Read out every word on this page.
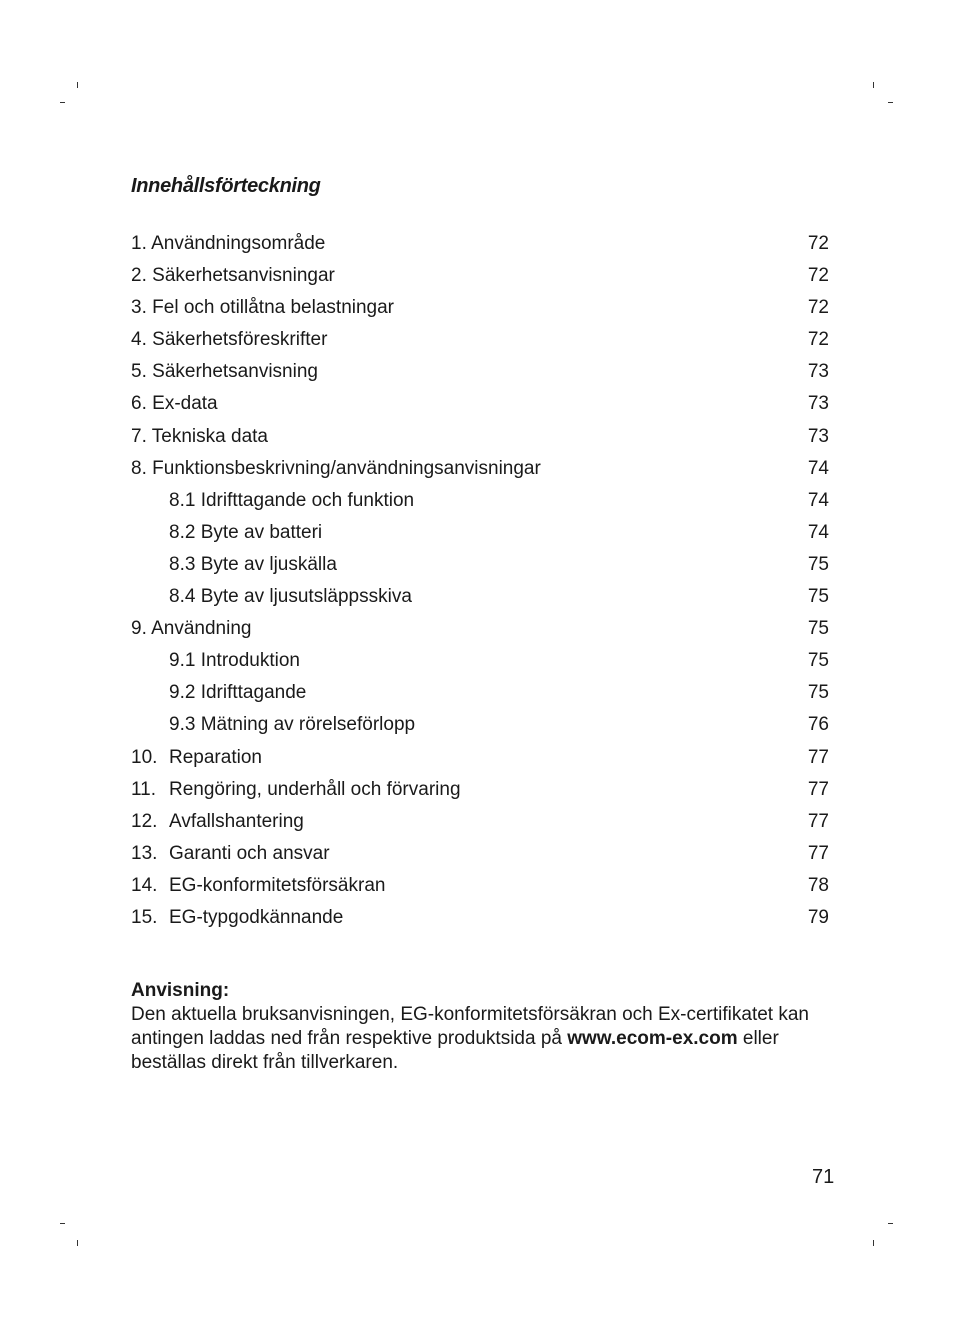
Innehållsförteckning
1. Användningsområde	72
2. Säkerhetsanvisningar	72
3. Fel och otillåtna belastningar	72
4. Säkerhetsföreskrifter	72
5. Säkerhetsanvisning	73
6. Ex-data	73
7. Tekniska data	73
8. Funktionsbeskrivning/användningsanvisningar	74
8.1 Idrifttagande och funktion	74
8.2 Byte av batteri	74
8.3 Byte av ljuskälla	75
8.4 Byte av ljusutsläppsskiva	75
9. Användning	75
9.1 Introduktion	75
9.2 Idrifttagande	75
9.3 Mätning av rörelseförlopp	76
10. Reparation	77
11. Rengöring, underhåll och förvaring	77
12. Avfallshantering	77
13. Garanti och ansvar	77
14. EG-konformitetsförsäkran	78
15. EG-typgodkännande	79
Anvisning:
Den aktuella bruksanvisningen, EG-konformitetsförsäkran och Ex-certifikatet kan antingen laddas ned från respektive produktsida på www.ecom-ex.com eller beställas direkt från tillverkaren.
71
